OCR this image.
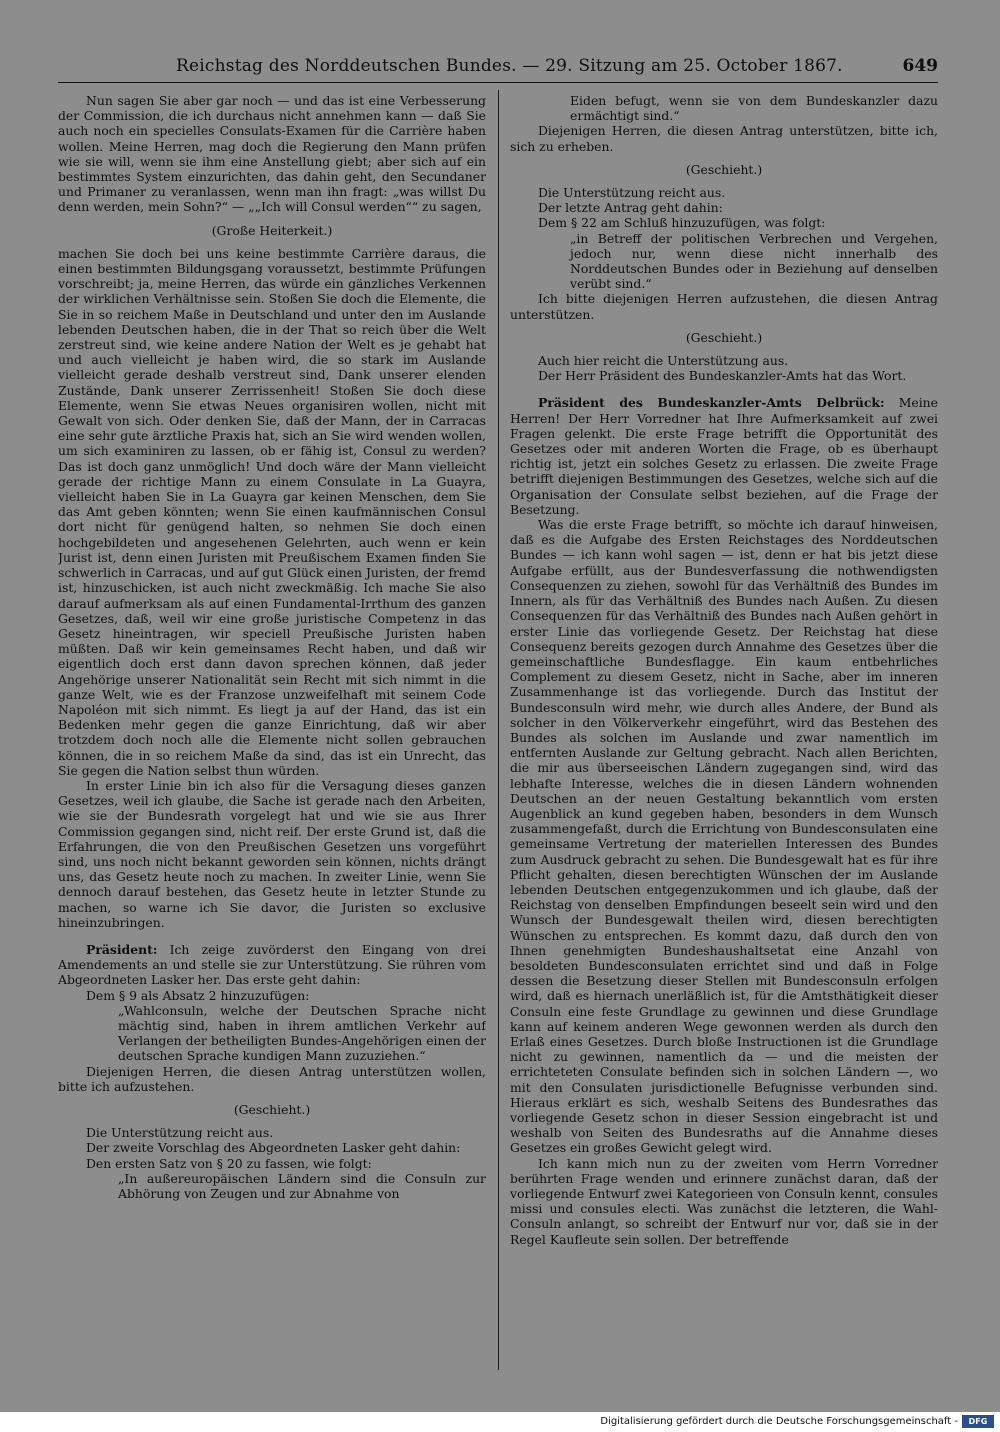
Reichstag des Norddeutschen Bundes. — 29. Sitzung am 25. October 1867.	649

Nun sagen Sie aber gar noch — und das ist eine Verbesserung der Commission, die ich durchaus nicht annehmen kann — daß Sie auch noch ein specielles Consulats-Examen für die Carrière haben wollen. Meine Herren, mag doch die Regierung den Mann prüfen wie sie will, wenn sie ihm eine Anstellung giebt; aber sich auf ein bestimmtes System einzurichten, das dahin geht, den Secundaner und Primaner zu veranlassen, wenn man ihn fragt: „was willst Du denn werden, mein Sohn?“ — „„Ich will Consul werden““ zu sagen,

(Große Heiterkeit.)

machen Sie doch bei uns keine bestimmte Carrière daraus, die einen bestimmten Bildungsgang voraussetzt, bestimmte Prüfungen vorschreibt; ja, meine Herren, das würde ein gänzliches Verkennen der wirklichen Verhältnisse sein. Stoßen Sie doch die Elemente, die Sie in so reichem Maße in Deutschland und unter den im Auslande lebenden Deutschen haben, die in der That so reich über die Welt zerstreut sind, wie keine andere Nation der Welt es je gehabt hat und auch vielleicht je haben wird, die so stark im Auslande vielleicht gerade deshalb verstreut sind, Dank unserer elenden Zustände, Dank unserer Zerrissenheit! Stoßen Sie doch diese Elemente, wenn Sie etwas Neues organisiren wollen, nicht mit Gewalt von sich. Oder denken Sie, daß der Mann, der in Carracas eine sehr gute ärztliche Praxis hat, sich an Sie wird wenden wollen, um sich examiniren zu lassen, ob er fähig ist, Consul zu werden? Das ist doch ganz unmöglich! Und doch wäre der Mann vielleicht gerade der richtige Mann zu einem Consulate in La Guayra, vielleicht haben Sie in La Guayra gar keinen Menschen, dem Sie das Amt geben könnten; wenn Sie einen kaufmännischen Consul dort nicht für genügend halten, so nehmen Sie doch einen hochgebildeten und angesehenen Gelehrten, auch wenn er kein Jurist ist, denn einen Juristen mit Preußischem Examen finden Sie schwerlich in Carracas, und auf gut Glück einen Juristen, der fremd ist, hinzuschicken, ist auch nicht zweckmäßig. Ich mache Sie also darauf aufmerksam als auf einen Fundamental-Irrthum des ganzen Gesetzes, daß, weil wir eine große juristische Competenz in das Gesetz hineintragen, wir speciell Preußische Juristen haben müßten. Daß wir kein gemeinsames Recht haben, und daß wir eigentlich doch erst dann davon sprechen können, daß jeder Angehörige unserer Nationalität sein Recht mit sich nimmt in die ganze Welt, wie es der Franzose unzweifelhaft mit seinem Code Napoléon mit sich nimmt. Es liegt ja auf der Hand, das ist ein Bedenken mehr gegen die ganze Einrichtung, daß wir aber trotzdem doch noch alle die Elemente nicht sollen gebrauchen können, die in so reichem Maße da sind, das ist ein Unrecht, das Sie gegen die Nation selbst thun würden.

In erster Linie bin ich also für die Versagung dieses ganzen Gesetzes, weil ich glaube, die Sache ist gerade nach den Arbeiten, wie sie der Bundesrath vorgelegt hat und wie sie aus Ihrer Commission gegangen sind, nicht reif. Der erste Grund ist, daß die Erfahrungen, die von den Preußischen Gesetzen uns vorgeführt sind, uns noch nicht bekannt geworden sein können, nichts drängt uns, das Gesetz heute noch zu machen. In zweiter Linie, wenn Sie dennoch darauf bestehen, das Gesetz heute in letzter Stunde zu machen, so warne ich Sie davor, die Juristen so exclusive hineinzubringen.

Präsident: Ich zeige zuvörderst den Eingang von drei Amendements an und stelle sie zur Unterstützung. Sie rühren vom Abgeordneten Lasker her. Das erste geht dahin:

Dem § 9 als Absatz 2 hinzuzufügen:

„Wahlconsuln, welche der Deutschen Sprache nicht mächtig sind, haben in ihrem amtlichen Verkehr auf Verlangen der betheiligten Bundes-Angehörigen einen der deutschen Sprache kundigen Mann zuzuziehen.“

Diejenigen Herren, die diesen Antrag unterstützen wollen, bitte ich aufzustehen.

(Geschieht.)

Die Unterstützung reicht aus.

Der zweite Vorschlag des Abgeordneten Lasker geht dahin:

Den ersten Satz von § 20 zu fassen, wie folgt:

„In außereuropäischen Ländern sind die Consuln zur Abhörung von Zeugen und zur Abnahme von

Eiden befugt, wenn sie von dem Bundeskanzler dazu ermächtigt sind.“

Diejenigen Herren, die diesen Antrag unterstützen, bitte ich, sich zu erheben.

(Geschieht.)

Die Unterstützung reicht aus.

Der letzte Antrag geht dahin:

Dem § 22 am Schluß hinzuzufügen, was folgt:

„in Betreff der politischen Verbrechen und Vergehen, jedoch nur, wenn diese nicht innerhalb des Norddeutschen Bundes oder in Beziehung auf denselben verübt sind.“

Ich bitte diejenigen Herren aufzustehen, die diesen Antrag unterstützen.

(Geschieht.)

Auch hier reicht die Unterstützung aus.

Der Herr Präsident des Bundeskanzler-Amts hat das Wort.

Präsident des Bundeskanzler-Amts Delbrück: Meine Herren! Der Herr Vorredner hat Ihre Aufmerksamkeit auf zwei Fragen gelenkt. Die erste Frage betrifft die Opportunität des Gesetzes oder mit anderen Worten die Frage, ob es überhaupt richtig ist, jetzt ein solches Gesetz zu erlassen. Die zweite Frage betrifft diejenigen Bestimmungen des Gesetzes, welche sich auf die Organisation der Consulate selbst beziehen, auf die Frage der Besetzung.

Was die erste Frage betrifft, so möchte ich darauf hinweisen, daß es die Aufgabe des Ersten Reichstages des Norddeutschen Bundes — ich kann wohl sagen — ist, denn er hat bis jetzt diese Aufgabe erfüllt, aus der Bundesverfassung die nothwendigsten Consequenzen zu ziehen, sowohl für das Verhältniß des Bundes im Innern, als für das Verhältniß des Bundes nach Außen. Zu diesen Consequenzen für das Verhältniß des Bundes nach Außen gehört in erster Linie das vorliegende Gesetz. Der Reichstag hat diese Consequenz bereits gezogen durch Annahme des Gesetzes über die gemeinschaftliche Bundesflagge. Ein kaum entbehrliches Complement zu diesem Gesetz, nicht in Sache, aber im inneren Zusammenhange ist das vorliegende. Durch das Institut der Bundesconsuln wird mehr, wie durch alles Andere, der Bund als solcher in den Völkerverkehr eingeführt, wird das Bestehen des Bundes als solchen im Auslande und zwar namentlich im entfernten Auslande zur Geltung gebracht. Nach allen Berichten, die mir aus überseeischen Ländern zugegangen sind, wird das lebhafte Interesse, welches die in diesen Ländern wohnenden Deutschen an der neuen Gestaltung bekanntlich vom ersten Augenblick an kund gegeben haben, besonders in dem Wunsch zusammengefaßt, durch die Errichtung von Bundesconsulaten eine gemeinsame Vertretung der materiellen Interessen des Bundes zum Ausdruck gebracht zu sehen. Die Bundesgewalt hat es für ihre Pflicht gehalten, diesen berechtigten Wünschen der im Auslande lebenden Deutschen entgegenzukommen und ich glaube, daß der Reichstag von denselben Empfindungen beseelt sein wird und den Wunsch der Bundesgewalt theilen wird, diesen berechtigten Wünschen zu entsprechen. Es kommt dazu, daß durch den von Ihnen genehmigten Bundeshaushaltsetat eine Anzahl von besoldeten Bundesconsulaten errichtet sind und daß in Folge dessen die Besetzung dieser Stellen mit Bundesconsuln erfolgen wird, daß es hiernach unerläßlich ist, für die Amtsthätigkeit dieser Consuln eine feste Grundlage zu gewinnen und diese Grundlage kann auf keinem anderen Wege gewonnen werden als durch den Erlaß eines Gesetzes. Durch bloße Instructionen ist die Grundlage nicht zu gewinnen, namentlich da — und die meisten der errichteteten Consulate befinden sich in solchen Ländern —, wo mit den Consulaten jurisdictionelle Befugnisse verbunden sind. Hieraus erklärt es sich, weshalb Seitens des Bundesrathes das vorliegende Gesetz schon in dieser Session eingebracht ist und weshalb von Seiten des Bundesraths auf die Annahme dieses Gesetzes ein großes Gewicht gelegt wird.

Ich kann mich nun zu der zweiten vom Herrn Vorredner berührten Frage wenden und erinnere zunächst daran, daß der vorliegende Entwurf zwei Kategorieen von Consuln kennt, consules missi und consules electi. Was zunächst die letzteren, die Wahl-Consuln anlangt, so schreibt der Entwurf nur vor, daß sie in der Regel Kaufleute sein sollen. Der betreffende

Digitalisierung gefördert durch die Deutsche Forschungsgemeinschaft -	DFG
